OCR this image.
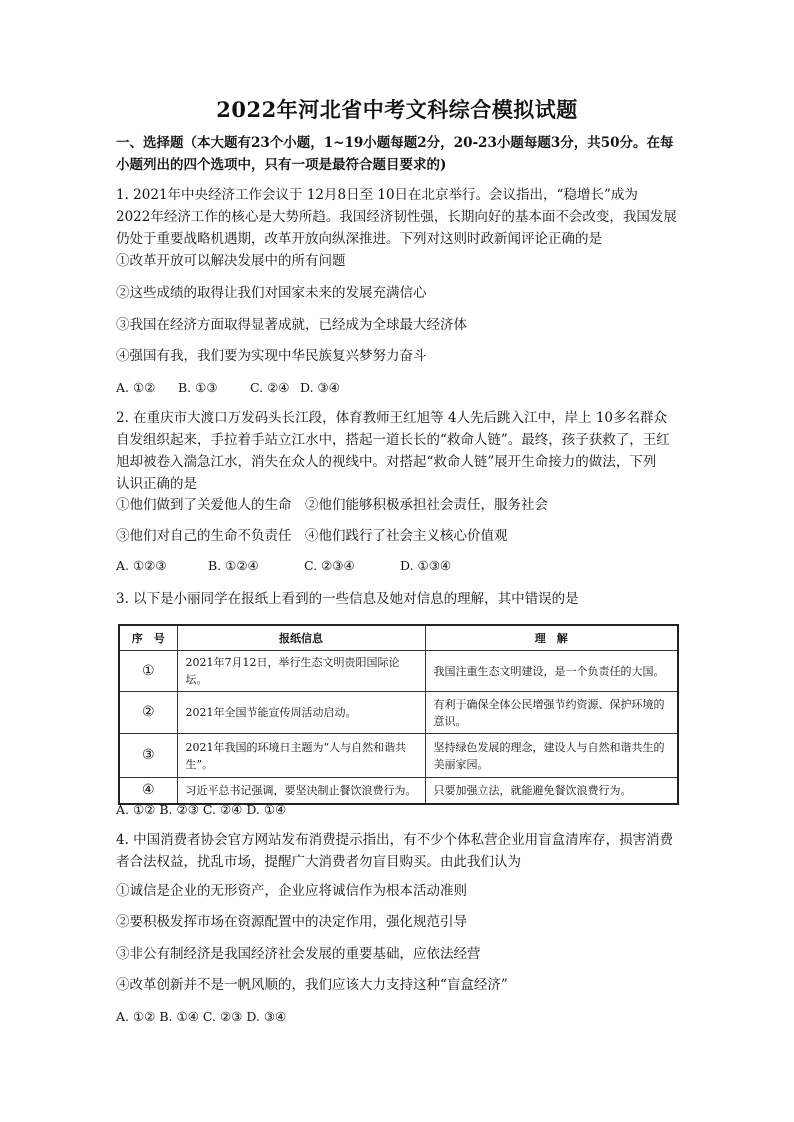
2022年河北省中考文科综合模拟试题
一、选择题（本大题有23个小题，1~19小题每题2分，20-23小题每题3分，共50分。在每
小题列出的四个选项中，只有一项是最符合题目要求的)
1. 2021年中央经济工作会议于 12月8日至 10日在北京举行。会议指出，“稳增长”成为
2022年经济工作的核心是大势所趋。我国经济韧性强，长期向好的基本面不会改变，我国发展
仍处于重要战略机遇期，改革开放向纵深推进。下列对这则时政新闻评论正确的是
①改革开放可以解决发展中的所有问题
②这些成绩的取得让我们对国家未来的发展充满信心
③我国在经济方面取得显著成就，已经成为全球最大经济体
④强国有我，我们要为实现中华民族复兴梦努力奋斗
A. ①② B. ①③	C. ②④ D. ③④
2. 在重庆市大渡口万发码头长江段，体育教师王红旭等 4人先后跳入江中，岸上 10多名群众
自发组织起来，手拉着手站立江水中，搭起一道长长的“救命人链”。最终，孩子获救了，王红
旭却被卷入湍急江水，消失在众人的视线中。对搭起“救命人链”展开生命接力的做法，下列
认识正确的是
①他们做到了关爱他人的生命　②他们能够积极承担社会责任，服务社会
③他们对自己的生命不负责任　④他们践行了社会主义核心价值观
A. ①②③	B. ①②④	C. ②③④	D. ①③④
3. 以下是小丽同学在报纸上看到的一些信息及她对信息的理解，其中错误的是
序　号	报纸信息	理　解
①	2021年7月12日，举行生态文明贵阳国际论坛。	我国注重生态文明建设，是一个负责任的大国。
②	2021年全国节能宣传周活动启动。	有利于确保全体公民增强节约资源、保护环境的意识。
③	2021年我国的环境日主题为“人与自然和谐共生”。	坚持绿色发展的理念，建设人与自然和谐共生的美丽家园。
④	习近平总书记强调，要坚决制止餐饮浪费行为。	只要加强立法，就能避免餐饮浪费行为。
A. ①② B. ②③ C. ②④ D. ①④
4. 中国消费者协会官方网站发布消费提示指出，有不少个体私营企业用盲盒清库存，损害消费
者合法权益，扰乱市场，提醒广大消费者勿盲目购买。由此我们认为
①诚信是企业的无形资产，企业应将诚信作为根本活动准则
②要积极发挥市场在资源配置中的决定作用，强化规范引导
③非公有制经济是我国经济社会发展的重要基础，应依法经营
④改革创新并不是一帆风顺的，我们应该大力支持这种“盲盒经济”
A. ①② B. ①④ C. ②③ D. ③④
